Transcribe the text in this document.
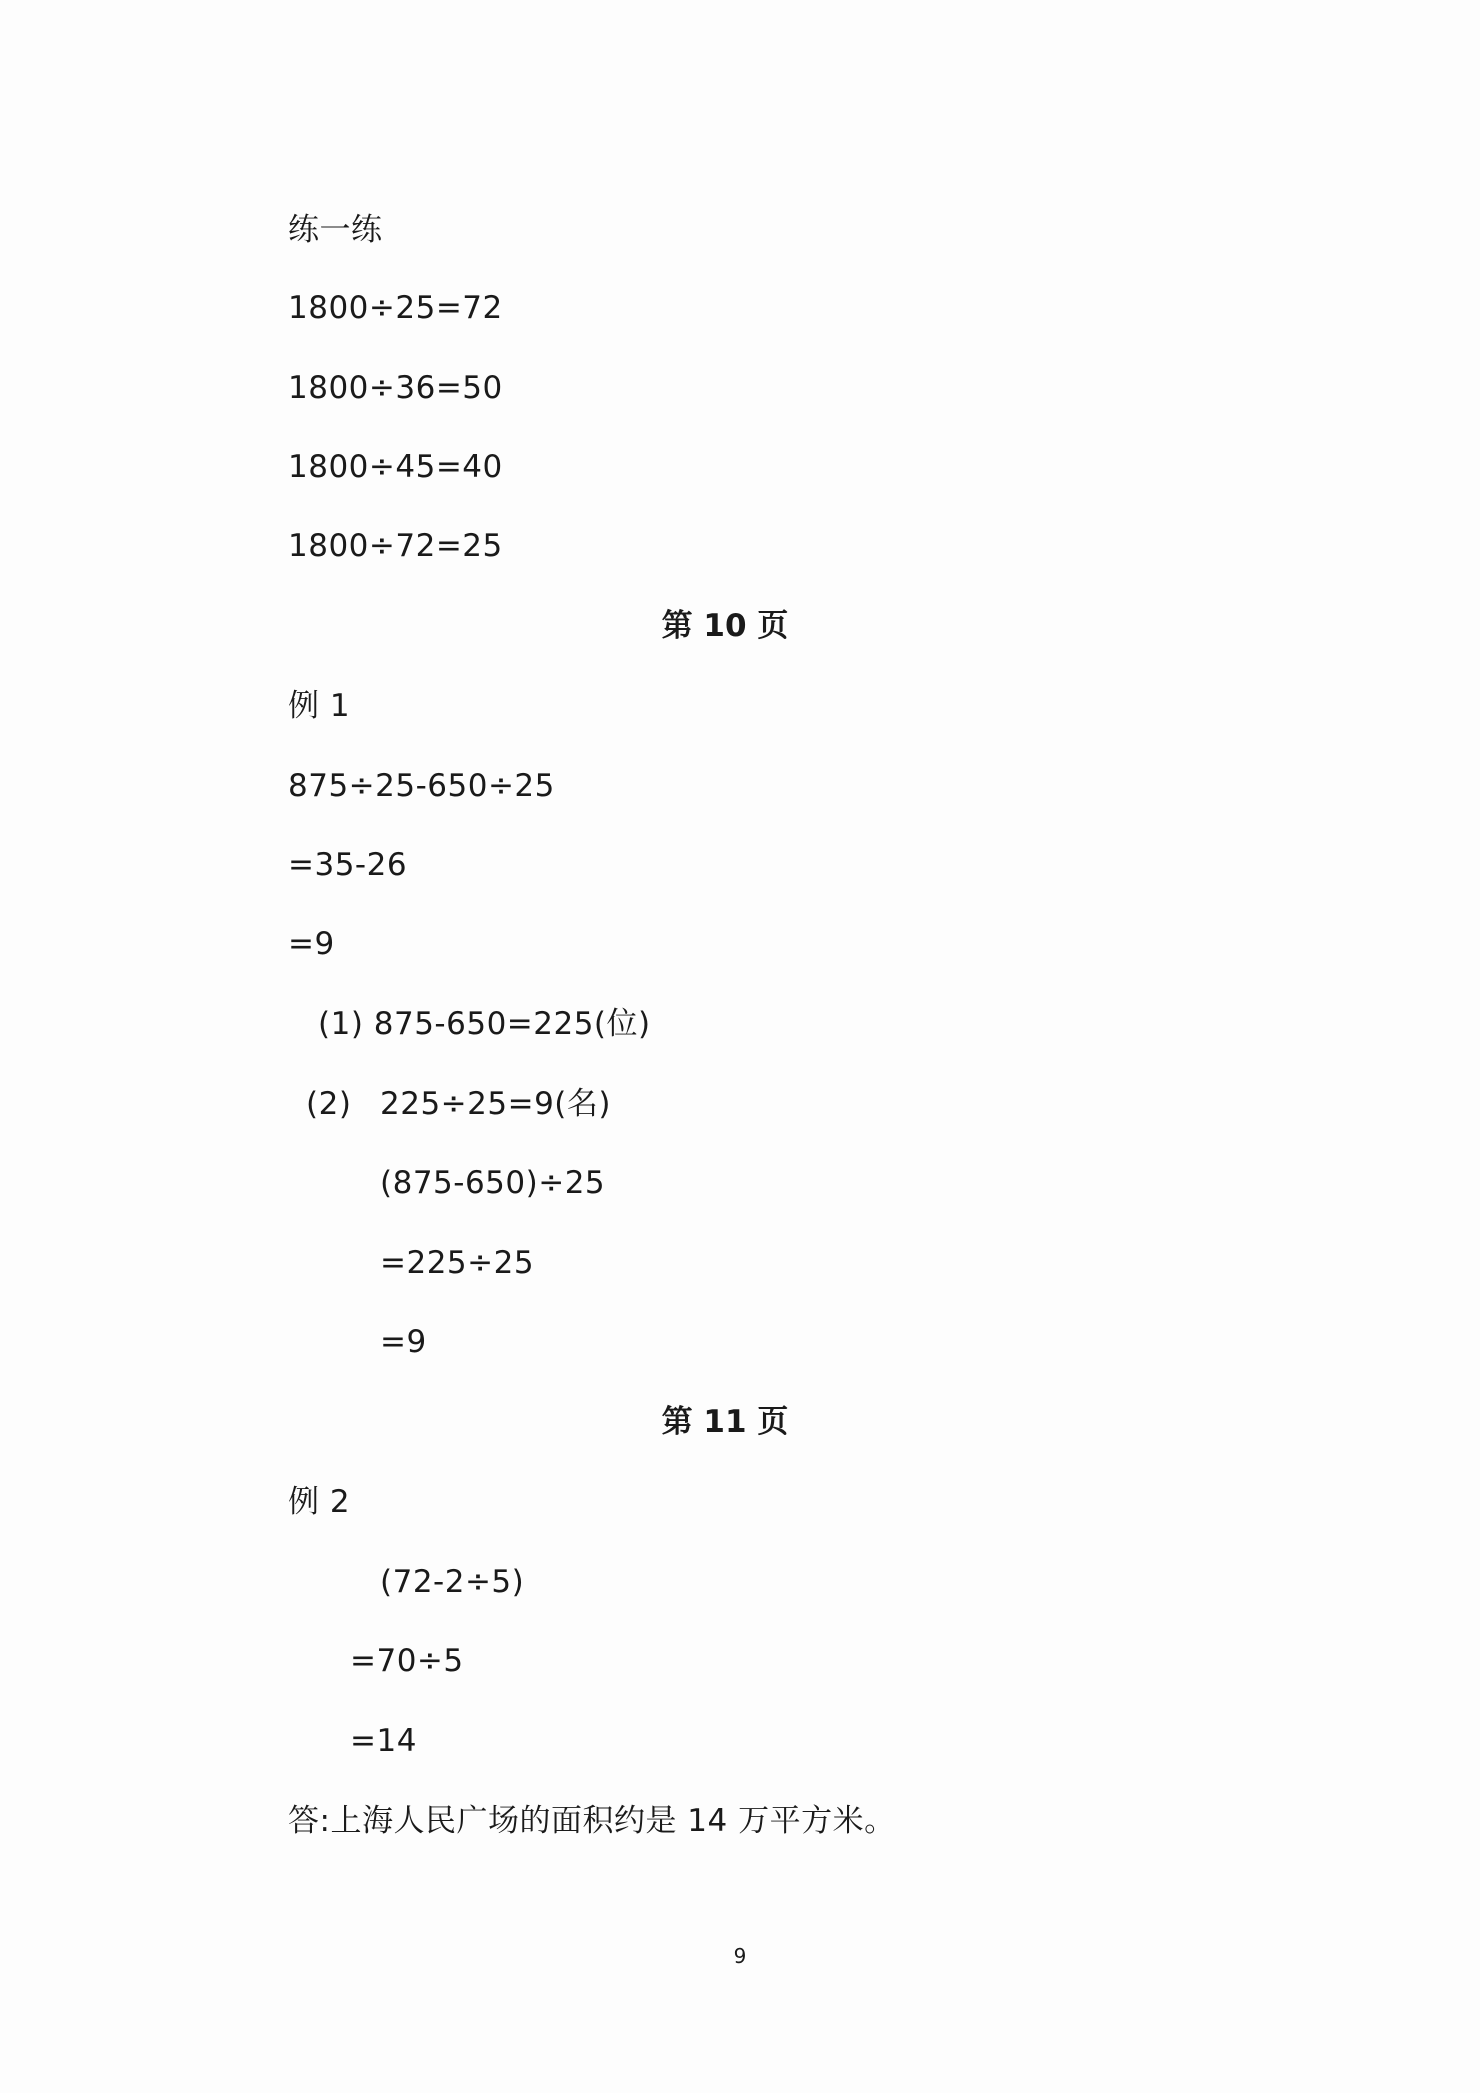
练一练
1800÷25=72
1800÷36=50
1800÷45=40
1800÷72=25
第 10 页
例 1
875÷25-650÷25
=35-26
=9
(1) 875-650=225(位)
(2) 225÷25=9(名)
(875-650)÷25
=225÷25
=9
第 11 页
例 2
(72-2÷5)
=70÷5
=14
答:上海人民广场的面积约是 14 万平方米。
9
